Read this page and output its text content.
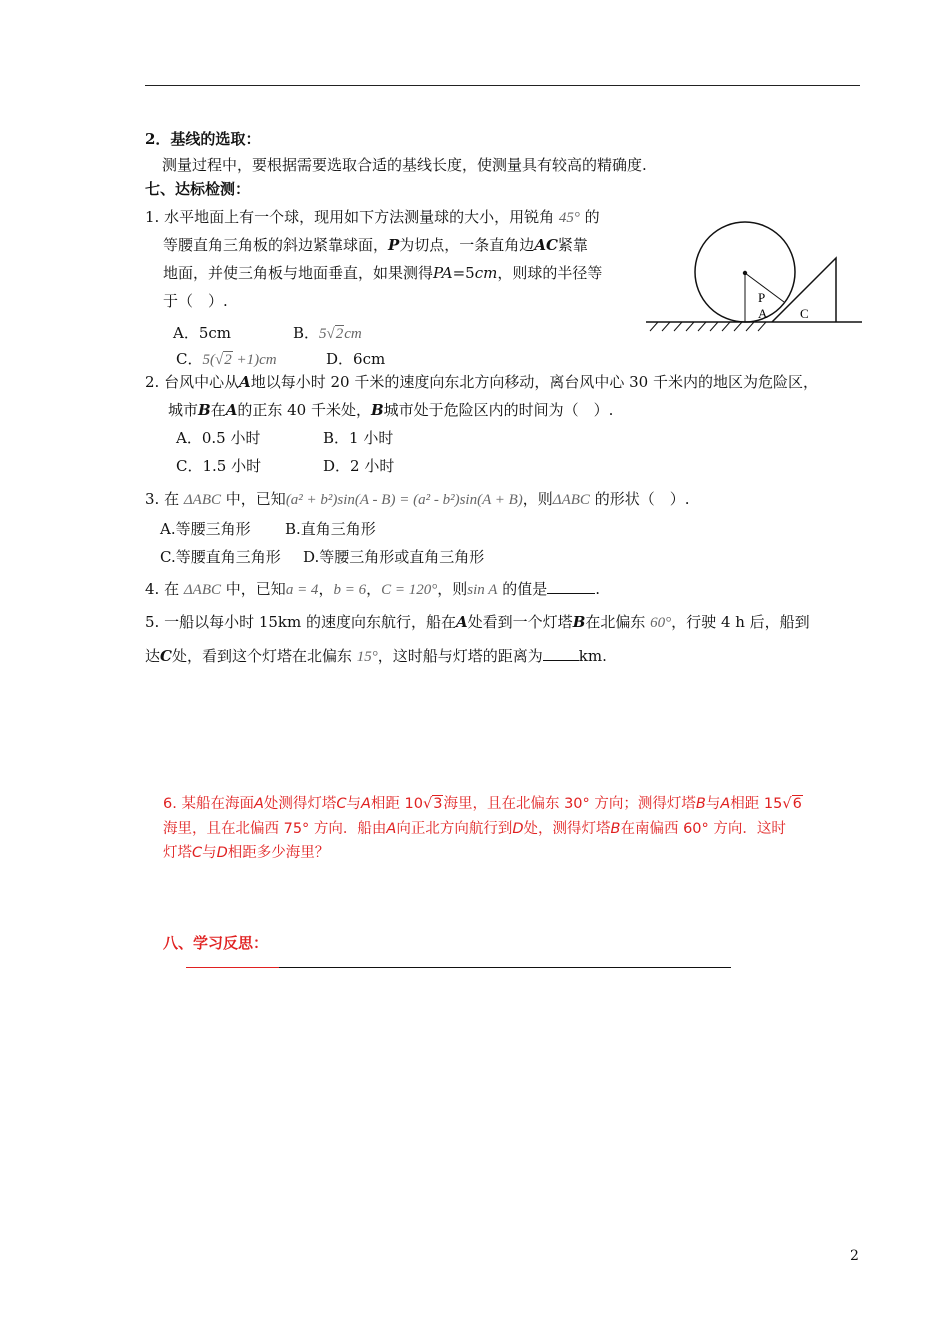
2．基线的选取：
测量过程中，要根据需要选取合适的基线长度，使测量具有较高的精确度.
七、达标检测：
1. 水平地面上有一个球，现用如下方法测量球的大小，用锐角 45° 的
等腰直角三角板的斜边紧靠球面，P为切点，一条直角边AC紧靠
地面，并使三角板与地面垂直，如果测得PA=5cm，则球的半径等
于（　）.
A．5cm	B．5√2cm
C．5(√2 +1)cm	D．6cm
P
A	C
2. 台风中心从A地以每小时 20 千米的速度向东北方向移动，离台风中心 30 千米内的地区为危险区，
城市B在A的正东 40 千米处，B城市处于危险区内的时间为（　）.
A．0.5 小时	B．1 小时
C．1.5 小时	D．2 小时
3. 在 ΔABC 中，已知(a² + b²)sin(A - B) = (a² - b²)sin(A + B)，则ΔABC 的形状（　）.
A.等腰三角形 B.直角三角形
C.等腰直角三角形 D.等腰三角形或直角三角形
4. 在 ΔABC 中，已知a = 4，b = 6，C = 120°，则sin A 的值是	.
5. 一船以每小时 15km 的速度向东航行，船在A处看到一个灯塔B在北偏东 60°，行驶 4 h 后，船到
达C处，看到这个灯塔在北偏东 15°，这时船与灯塔的距离为 km.
6. 某船在海面A处测得灯塔C与A相距 10√3海里，且在北偏东 30° 方向；测得灯塔B与A相距 15√6
海里，且在北偏西 75° 方向．船由A向正北方向航行到D处，测得灯塔B在南偏西 60° 方向．这时
灯塔C与D相距多少海里？
八、学习反思：
2
